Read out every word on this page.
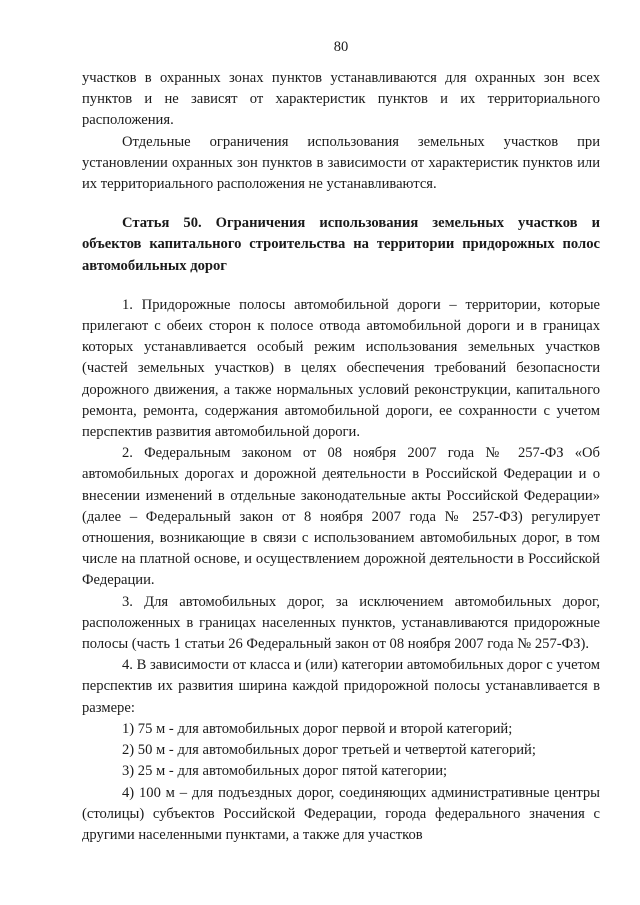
80

участков в охранных зонах пунктов устанавливаются для охранных зон всех пунктов и не зависят от характеристик пунктов и их территориального расположения.

Отдельные ограничения использования земельных участков при установлении охранных зон пунктов в зависимости от характеристик пунктов или их территориального расположения не устанавливаются.

Статья 50. Ограничения использования земельных участков и объектов капитального строительства на территории придорожных полос автомобильных дорог

1. Придорожные полосы автомобильной дороги – территории, которые прилегают с обеих сторон к полосе отвода автомобильной дороги и в границах которых устанавливается особый режим использования земельных участков (частей земельных участков) в целях обеспечения требований безопасности дорожного движения, а также нормальных условий реконструкции, капитального ремонта, ремонта, содержания автомобильной дороги, ее сохранности с учетом перспектив развития автомобильной дороги.

2. Федеральным законом от 08 ноября 2007 года № 257-ФЗ «Об автомобильных дорогах и дорожной деятельности в Российской Федерации и о внесении изменений в отдельные законодательные акты Российской Федерации» (далее – Федеральный закон от 8 ноября 2007 года № 257-ФЗ) регулирует отношения, возникающие в связи с использованием автомобильных дорог, в том числе на платной основе, и осуществлением дорожной деятельности в Российской Федерации.

3. Для автомобильных дорог, за исключением автомобильных дорог, расположенных в границах населенных пунктов, устанавливаются придорожные полосы (часть 1 статьи 26 Федеральный закон от 08 ноября 2007 года № 257-ФЗ).

4. В зависимости от класса и (или) категории автомобильных дорог с учетом перспектив их развития ширина каждой придорожной полосы устанавливается в размере:

1) 75 м - для автомобильных дорог первой и второй категорий;

2) 50 м - для автомобильных дорог третьей и четвертой категорий;

3) 25 м - для автомобильных дорог пятой категории;

4) 100 м – для подъездных дорог, соединяющих административные центры (столицы) субъектов Российской Федерации, города федерального значения с другими населенными пунктами, а также для участков
